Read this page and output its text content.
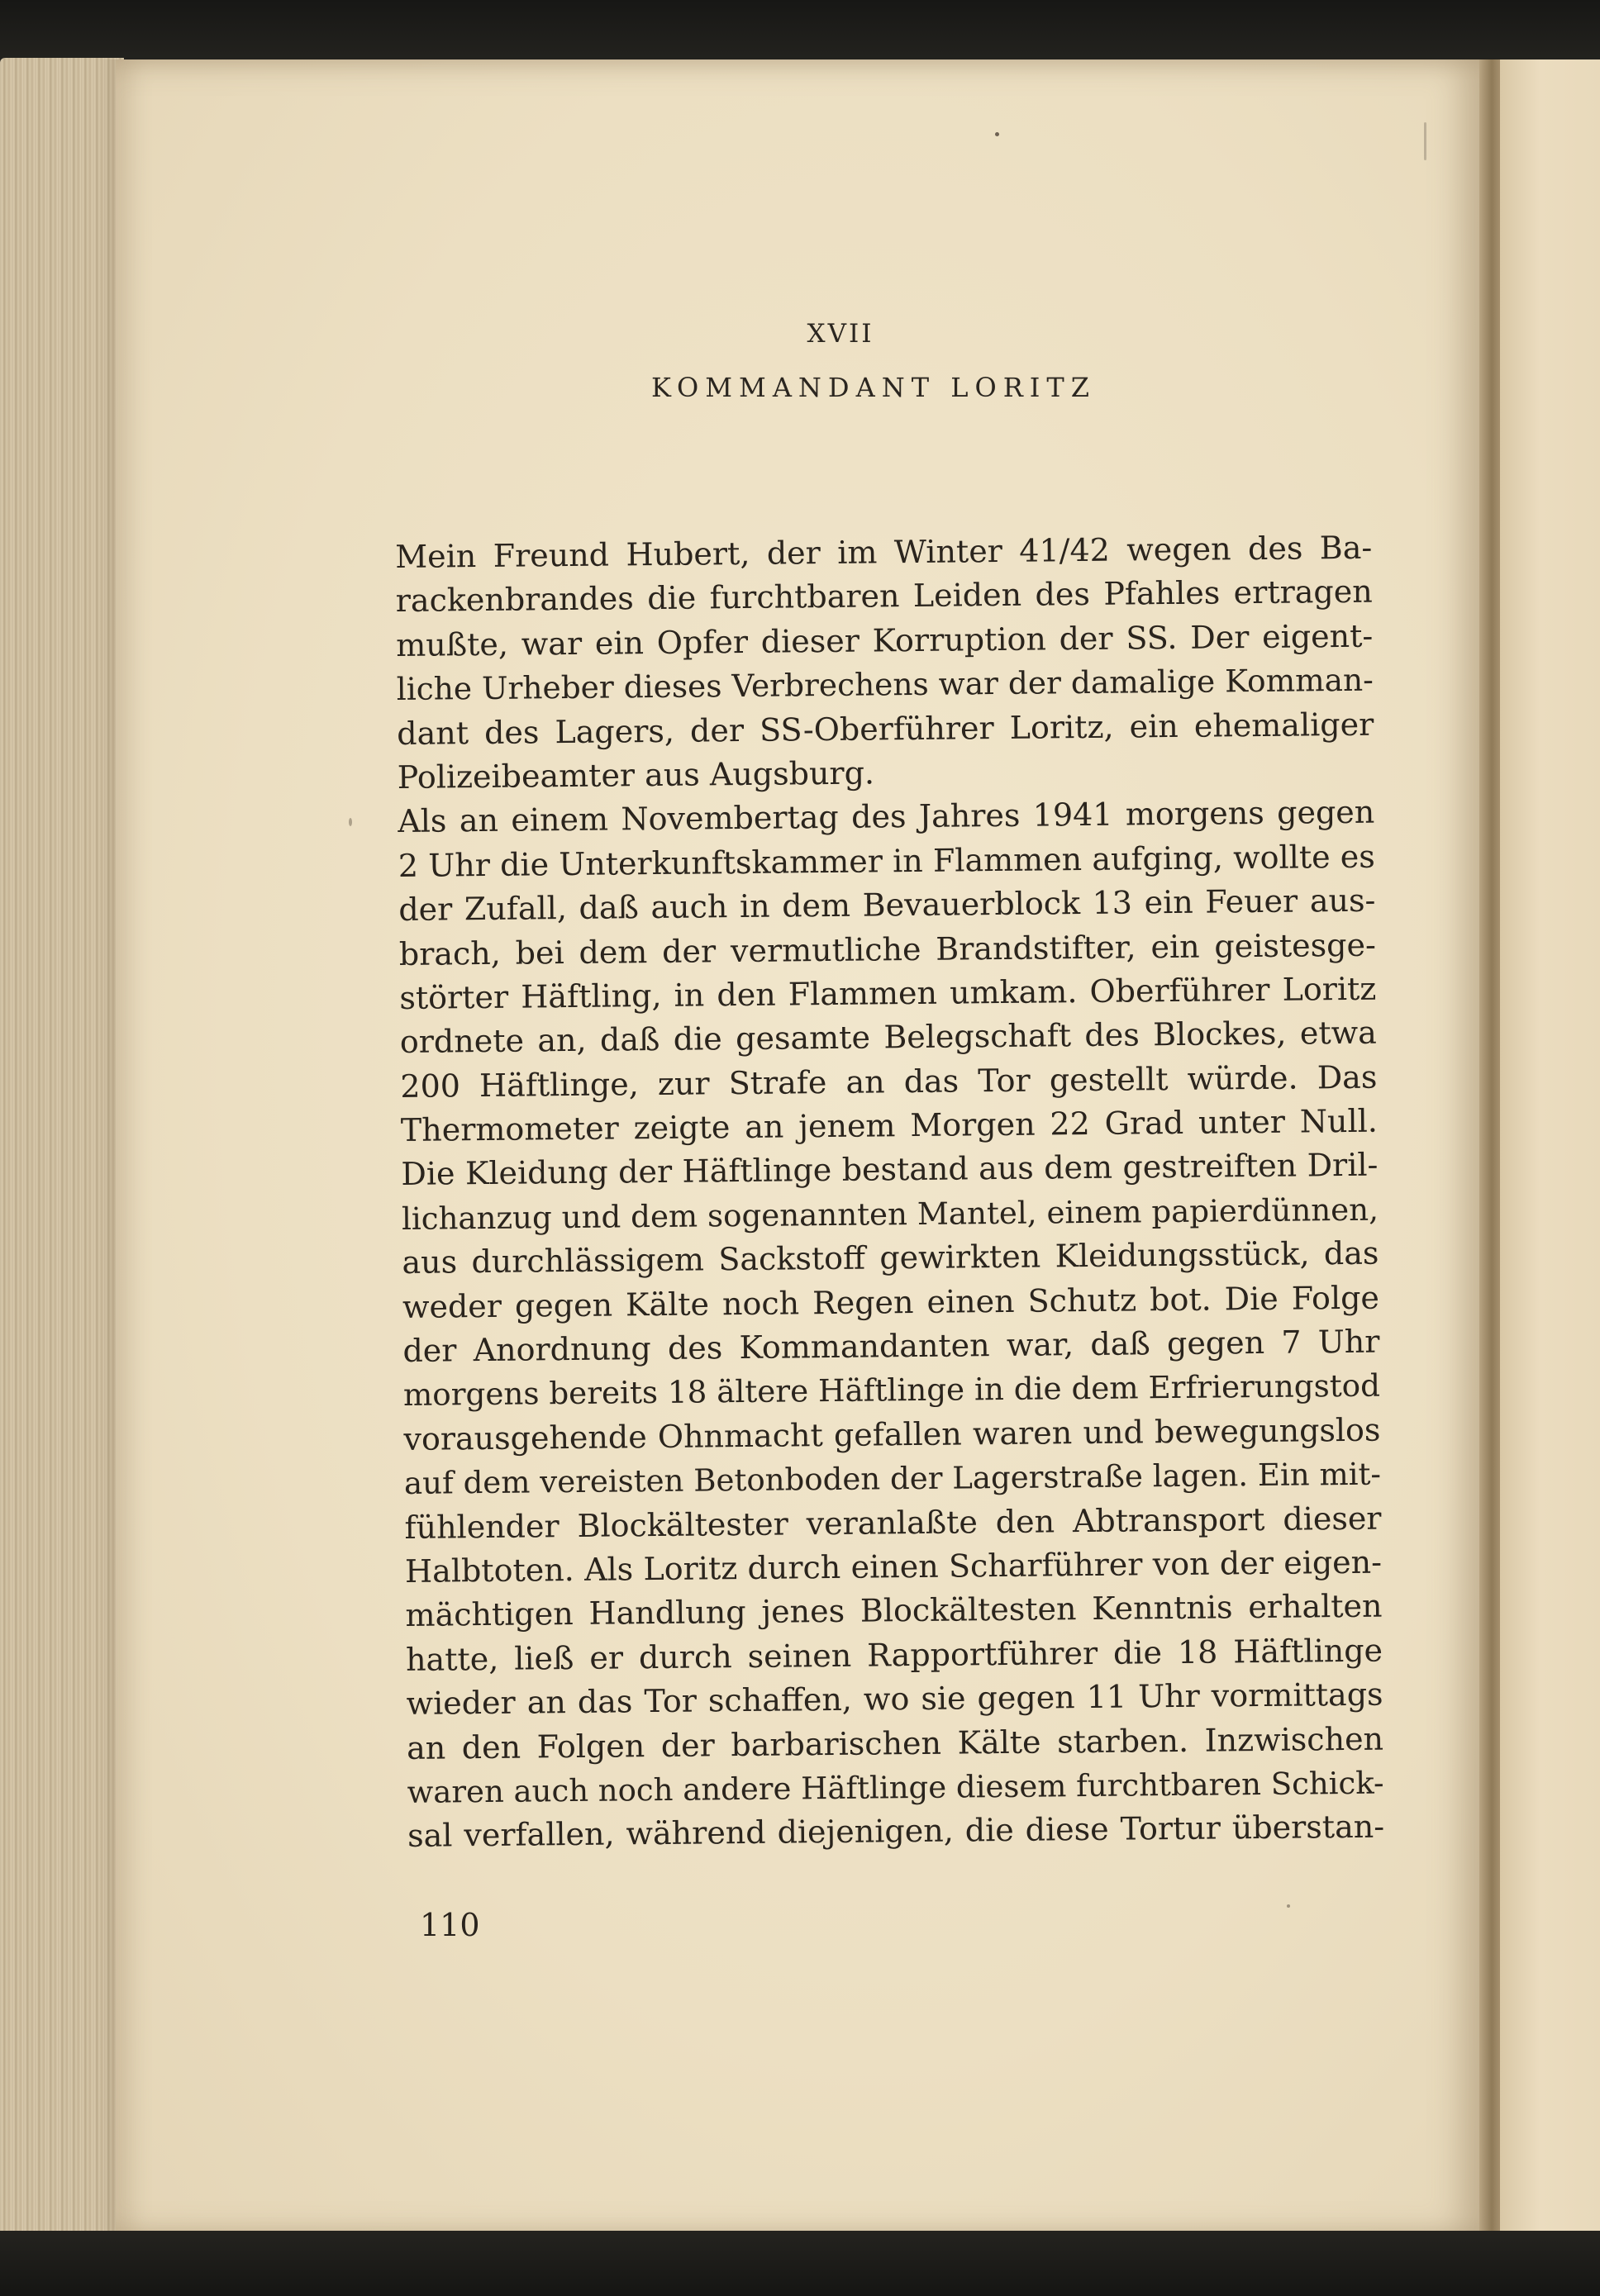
XVII
KOMMANDANT LORITZ
Mein Freund Hubert, der im Winter 41/42 wegen des Ba-
rackenbrandes die furchtbaren Leiden des Pfahles ertragen
mußte, war ein Opfer dieser Korruption der SS. Der eigent-
liche Urheber dieses Verbrechens war der damalige Komman-
dant des Lagers, der SS-Oberführer Loritz, ein ehemaliger
Polizeibeamter aus Augsburg.
Als an einem Novembertag des Jahres 1941 morgens gegen
2 Uhr die Unterkunftskammer in Flammen aufging, wollte es
der Zufall, daß auch in dem Bevauerblock 13 ein Feuer aus-
brach, bei dem der vermutliche Brandstifter, ein geistesge-
störter Häftling, in den Flammen umkam. Oberführer Loritz
ordnete an, daß die gesamte Belegschaft des Blockes, etwa
200 Häftlinge, zur Strafe an das Tor gestellt würde. Das
Thermometer zeigte an jenem Morgen 22 Grad unter Null.
Die Kleidung der Häftlinge bestand aus dem gestreiften Dril-
lichanzug und dem sogenannten Mantel, einem papierdünnen,
aus durchlässigem Sackstoff gewirkten Kleidungsstück, das
weder gegen Kälte noch Regen einen Schutz bot. Die Folge
der Anordnung des Kommandanten war, daß gegen 7 Uhr
morgens bereits 18 ältere Häftlinge in die dem Erfrierungstod
vorausgehende Ohnmacht gefallen waren und bewegungslos
auf dem vereisten Betonboden der Lagerstraße lagen. Ein mit-
fühlender Blockältester veranlaßte den Abtransport dieser
Halbtoten. Als Loritz durch einen Scharführer von der eigen-
mächtigen Handlung jenes Blockältesten Kenntnis erhalten
hatte, ließ er durch seinen Rapportführer die 18 Häftlinge
wieder an das Tor schaffen, wo sie gegen 11 Uhr vormittags
an den Folgen der barbarischen Kälte starben. Inzwischen
waren auch noch andere Häftlinge diesem furchtbaren Schick-
sal verfallen, während diejenigen, die diese Tortur überstan-
110
